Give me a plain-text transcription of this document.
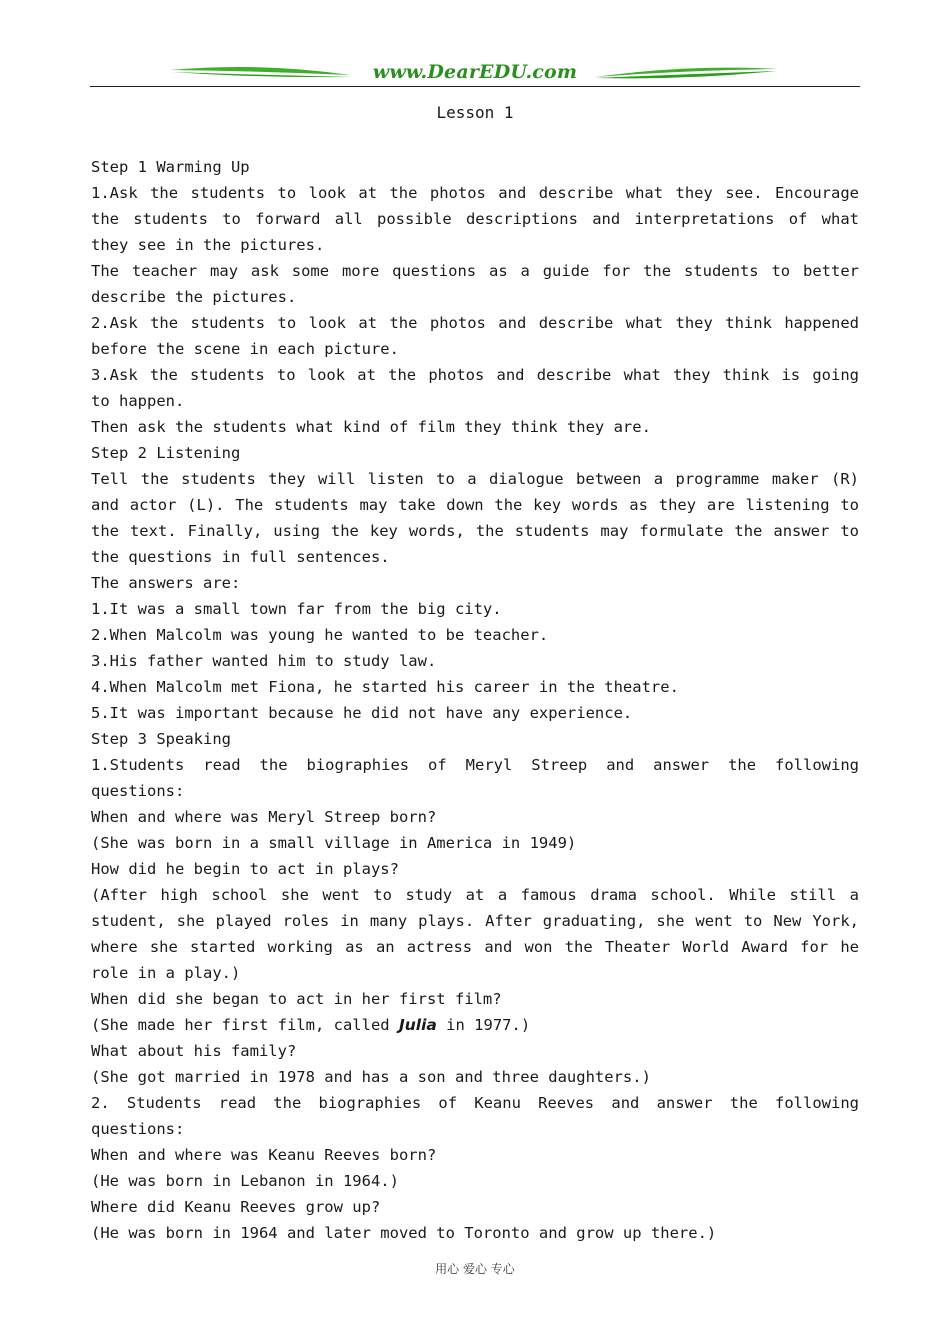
www.DearEDU.com
Lesson 1
Step 1 Warming Up
1.Ask the students to look at the photos and describe what they see. Encourage
the students to forward all possible descriptions and interpretations of what
they see in the pictures.
The teacher may ask some more questions as a guide for the students to better
describe the pictures.
2.Ask the students to look at the photos and describe what they think happened
before the scene in each picture.
3.Ask the students to look at the photos and describe what they think is going
to happen.
Then ask the students what kind of film they think they are.
Step 2 Listening
Tell the students they will listen to a dialogue between a programme maker (R)
and actor (L). The students may take down the key words as they are listening to
the text. Finally, using the key words, the students may formulate the answer to
the questions in full sentences.
The answers are:
1.It was a small town far from the big city.
2.When Malcolm was young he wanted to be teacher.
3.His father wanted him to study law.
4.When Malcolm met Fiona, he started his career in the theatre.
5.It was important because he did not have any experience.
Step 3 Speaking
1.Students read the biographies of Meryl Streep and answer the following
questions:
When and where was Meryl Streep born?
(She was born in a small village in America in 1949)
How did he begin to act in plays?
(After high school she went to study at a famous drama school. While still a
student, she played roles in many plays. After graduating, she went to New York,
where she started working as an actress and won the Theater World Award for he
role in a play.)
When did she began to act in her first film?
(She made her first film, called Julia in 1977.)
What about his family?
(She got married in 1978 and has a son and three daughters.)
2. Students read the biographies of Keanu Reeves and answer the following
questions:
When and where was Keanu Reeves born?
(He was born in Lebanon in 1964.)
Where did Keanu Reeves grow up?
(He was born in 1964 and later moved to Toronto and grow up there.)
用心 爱心 专心
